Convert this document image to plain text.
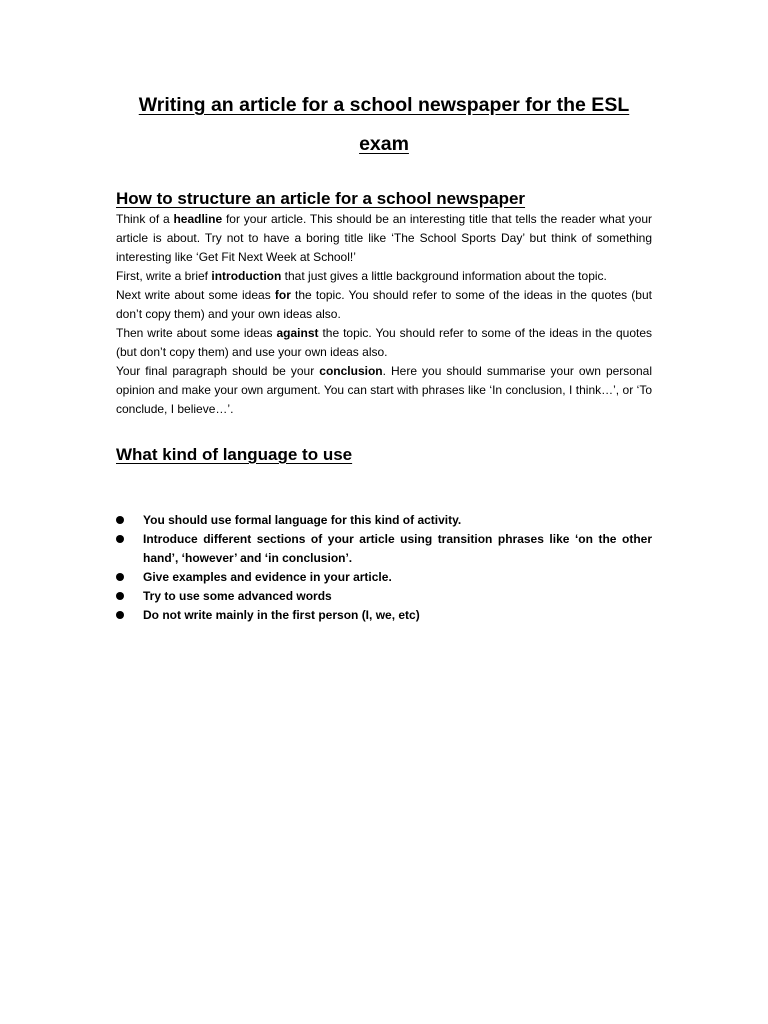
Writing an article for a school newspaper for the ESL exam
How to structure an article for a school newspaper

Think of a headline for your article. This should be an interesting title that tells the reader what your article is about. Try not to have a boring title like ‘The School Sports Day’ but think of something interesting like ‘Get Fit Next Week at School!’

First, write a brief introduction that just gives a little background information about the topic.

Next write about some ideas for the topic. You should refer to some of the ideas in the quotes (but don’t copy them) and your own ideas also.

Then write about some ideas against the topic. You should refer to some of the ideas in the quotes (but don’t copy them) and use your own ideas also.

Your final paragraph should be your conclusion. Here you should summarise your own personal opinion and make your own argument. You can start with phrases like ‘In conclusion, I think…’, or ‘To conclude, I believe…’.

What kind of language to use
You should use formal language for this kind of activity.
Introduce different sections of your article using transition phrases like ‘on the other hand’, ‘however’ and ‘in conclusion’.
Give examples and evidence in your article.
Try to use some advanced words
Do not write mainly in the first person (I, we, etc)
